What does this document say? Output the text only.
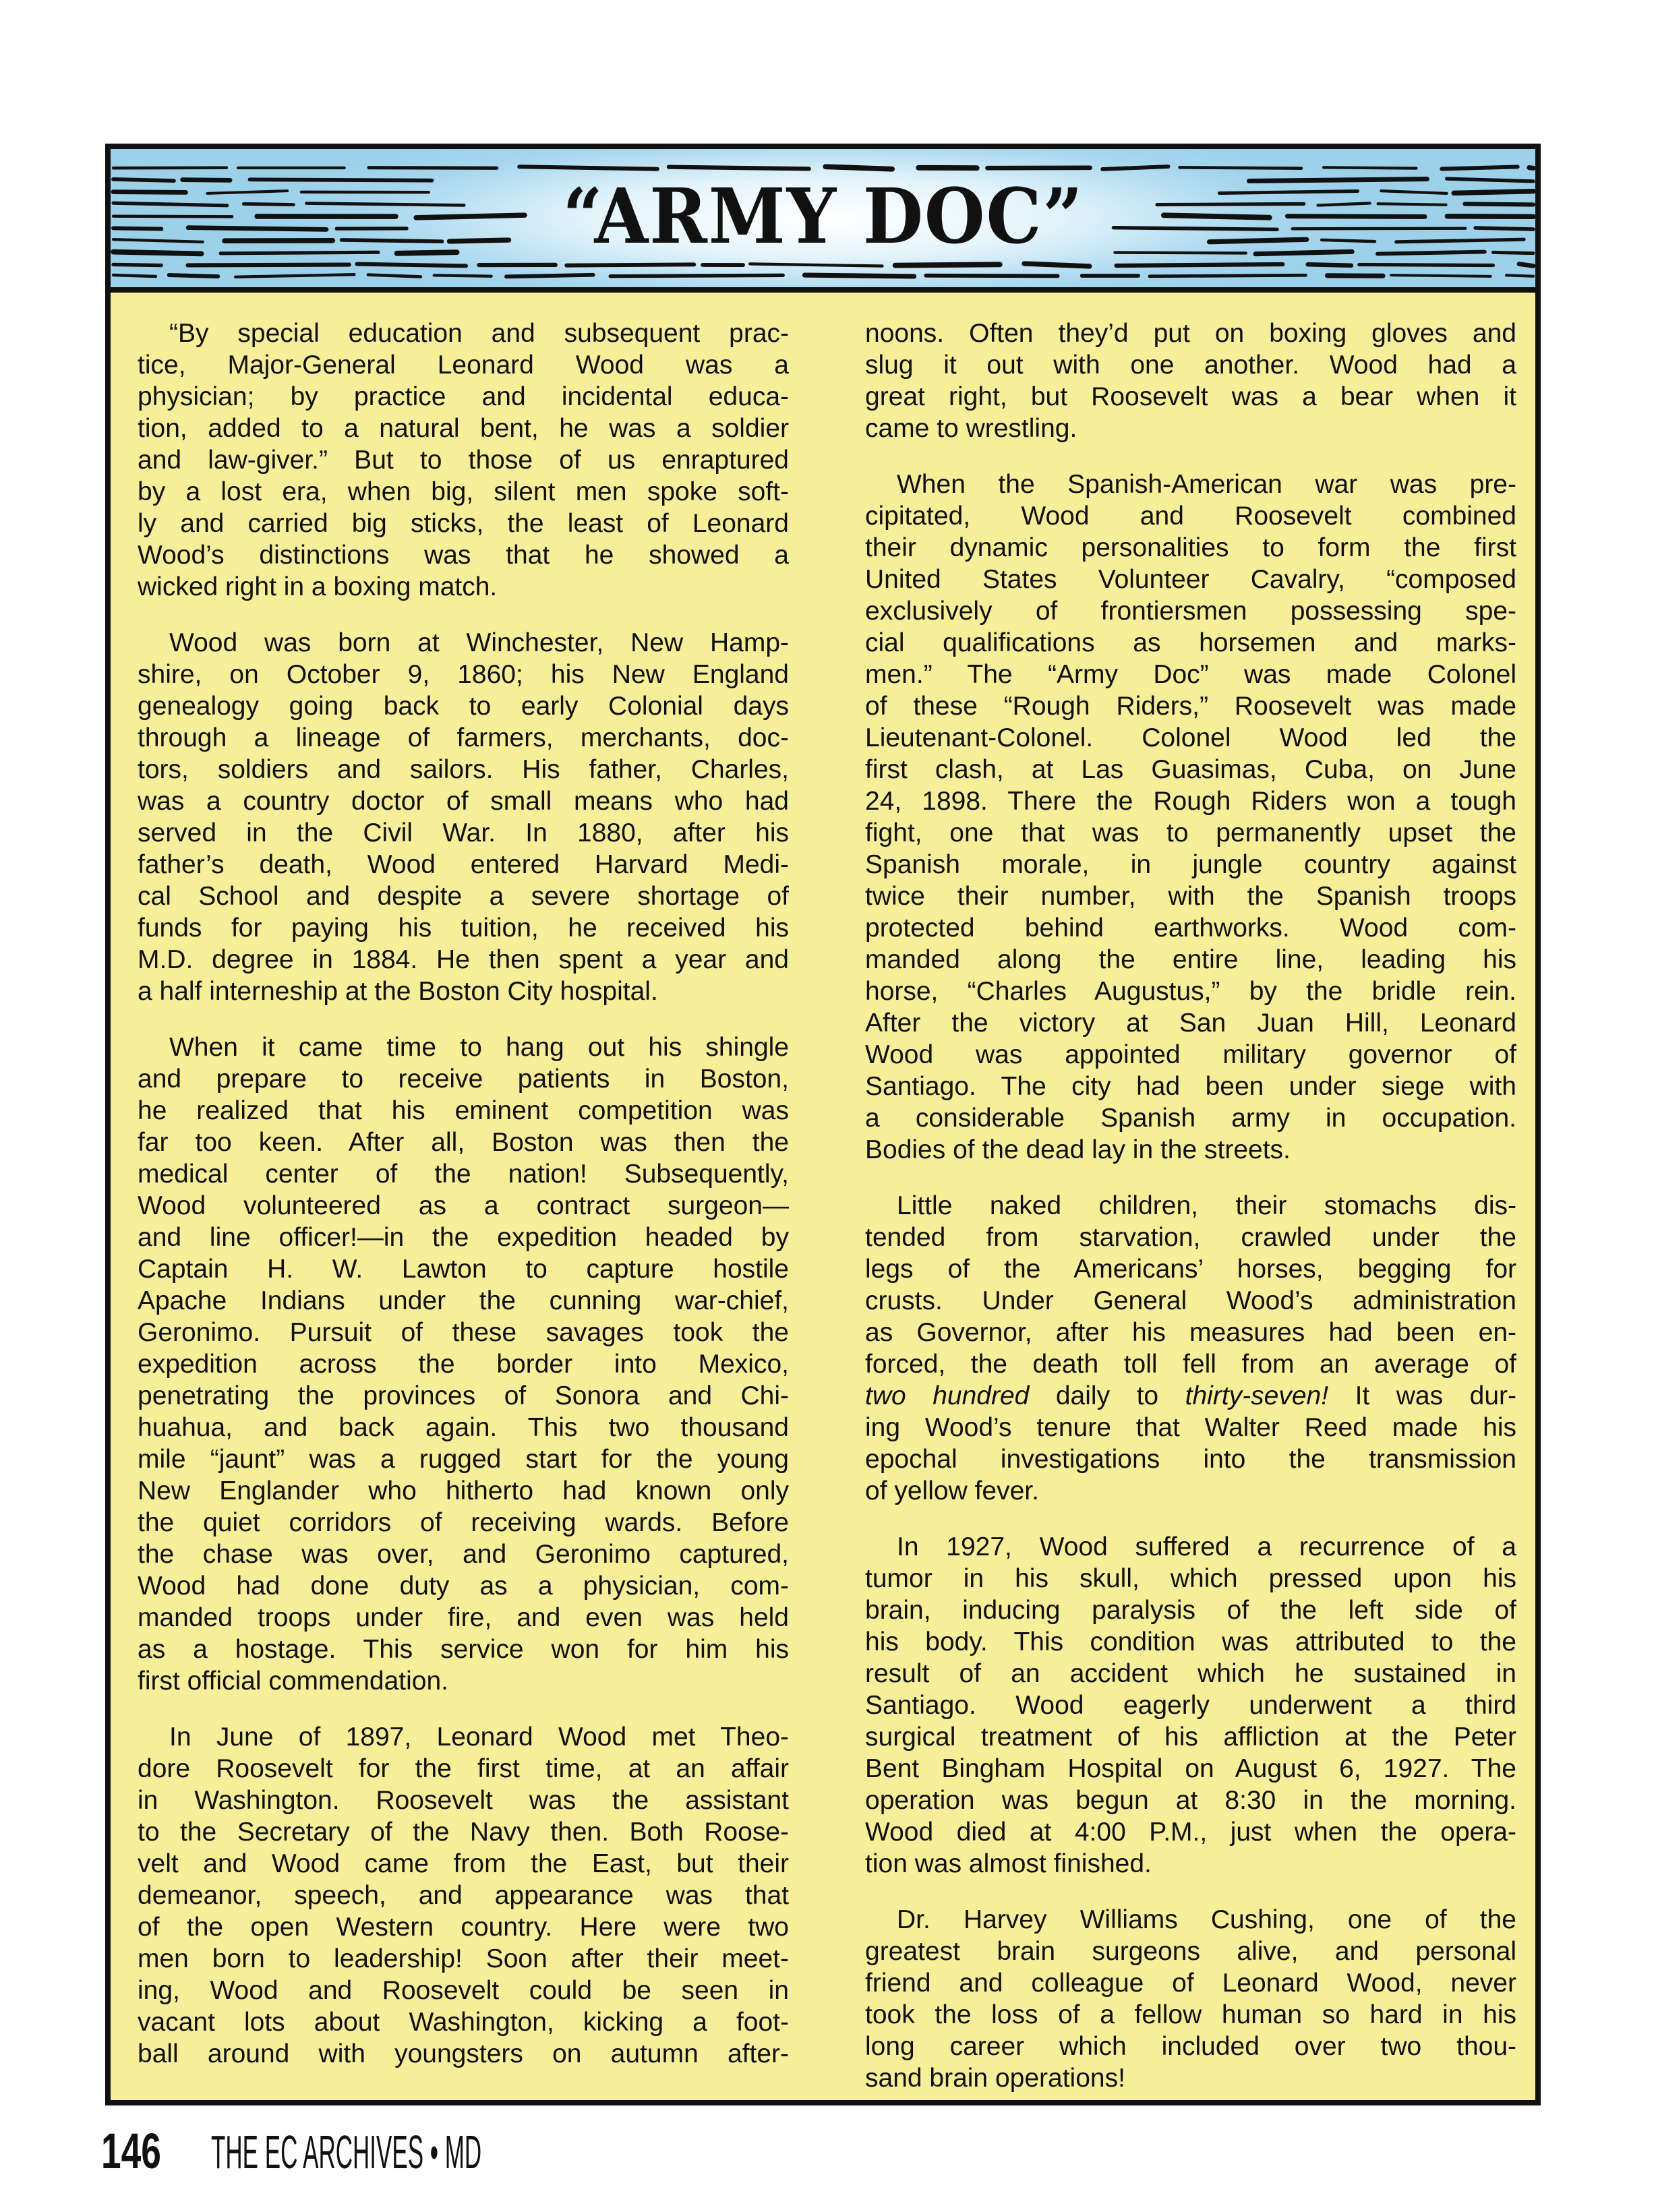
“ARMY DOC”
“By special education and subsequent prac-
tice, Major-General Leonard Wood was a
physician; by practice and incidental educa-
tion, added to a natural bent, he was a soldier
and law-giver.” But to those of us enraptured
by a lost era, when big, silent men spoke soft-
ly and carried big sticks, the least of Leonard
Wood’s distinctions was that he showed a
wicked right in a boxing match.
Wood was born at Winchester, New Hamp-
shire, on October 9, 1860; his New England
genealogy going back to early Colonial days
through a lineage of farmers, merchants, doc-
tors, soldiers and sailors. His father, Charles,
was a country doctor of small means who had
served in the Civil War. In 1880, after his
father’s death, Wood entered Harvard Medi-
cal School and despite a severe shortage of
funds for paying his tuition, he received his
M.D. degree in 1884. He then spent a year and
a half interneship at the Boston City hospital.
When it came time to hang out his shingle
and prepare to receive patients in Boston,
he realized that his eminent competition was
far too keen. After all, Boston was then the
medical center of the nation! Subsequently,
Wood volunteered as a contract surgeon—
and line officer!—in the expedition headed by
Captain H. W. Lawton to capture hostile
Apache Indians under the cunning war-chief,
Geronimo. Pursuit of these savages took the
expedition across the border into Mexico,
penetrating the provinces of Sonora and Chi-
huahua, and back again. This two thousand
mile “jaunt” was a rugged start for the young
New Englander who hitherto had known only
the quiet corridors of receiving wards. Before
the chase was over, and Geronimo captured,
Wood had done duty as a physician, com-
manded troops under fire, and even was held
as a hostage. This service won for him his
first official commendation.
In June of 1897, Leonard Wood met Theo-
dore Roosevelt for the first time, at an affair
in Washington. Roosevelt was the assistant
to the Secretary of the Navy then. Both Roose-
velt and Wood came from the East, but their
demeanor, speech, and appearance was that
of the open Western country. Here were two
men born to leadership! Soon after their meet-
ing, Wood and Roosevelt could be seen in
vacant lots about Washington, kicking a foot-
ball around with youngsters on autumn after-
noons. Often they’d put on boxing gloves and
slug it out with one another. Wood had a
great right, but Roosevelt was a bear when it
came to wrestling.
When the Spanish-American war was pre-
cipitated, Wood and Roosevelt combined
their dynamic personalities to form the first
United States Volunteer Cavalry, “composed
exclusively of frontiersmen possessing spe-
cial qualifications as horsemen and marks-
men.” The “Army Doc” was made Colonel
of these “Rough Riders,” Roosevelt was made
Lieutenant-Colonel. Colonel Wood led the
first clash, at Las Guasimas, Cuba, on June
24, 1898. There the Rough Riders won a tough
fight, one that was to permanently upset the
Spanish morale, in jungle country against
twice their number, with the Spanish troops
protected behind earthworks. Wood com-
manded along the entire line, leading his
horse, “Charles Augustus,” by the bridle rein.
After the victory at San Juan Hill, Leonard
Wood was appointed military governor of
Santiago. The city had been under siege with
a considerable Spanish army in occupation.
Bodies of the dead lay in the streets.
Little naked children, their stomachs dis-
tended from starvation, crawled under the
legs of the Americans’ horses, begging for
crusts. Under General Wood’s administration
as Governor, after his measures had been en-
forced, the death toll fell from an average of
two hundred daily to thirty-seven! It was dur-
ing Wood’s tenure that Walter Reed made his
epochal investigations into the transmission
of yellow fever.
In 1927, Wood suffered a recurrence of a
tumor in his skull, which pressed upon his
brain, inducing paralysis of the left side of
his body. This condition was attributed to the
result of an accident which he sustained in
Santiago. Wood eagerly underwent a third
surgical treatment of his affliction at the Peter
Bent Bingham Hospital on August 6, 1927. The
operation was begun at 8:30 in the morning.
Wood died at 4:00 P.M., just when the opera-
tion was almost finished.
Dr. Harvey Williams Cushing, one of the
greatest brain surgeons alive, and personal
friend and colleague of Leonard Wood, never
took the loss of a fellow human so hard in his
long career which included over two thou-
sand brain operations!
146 THE EC ARCHIVES • MD
